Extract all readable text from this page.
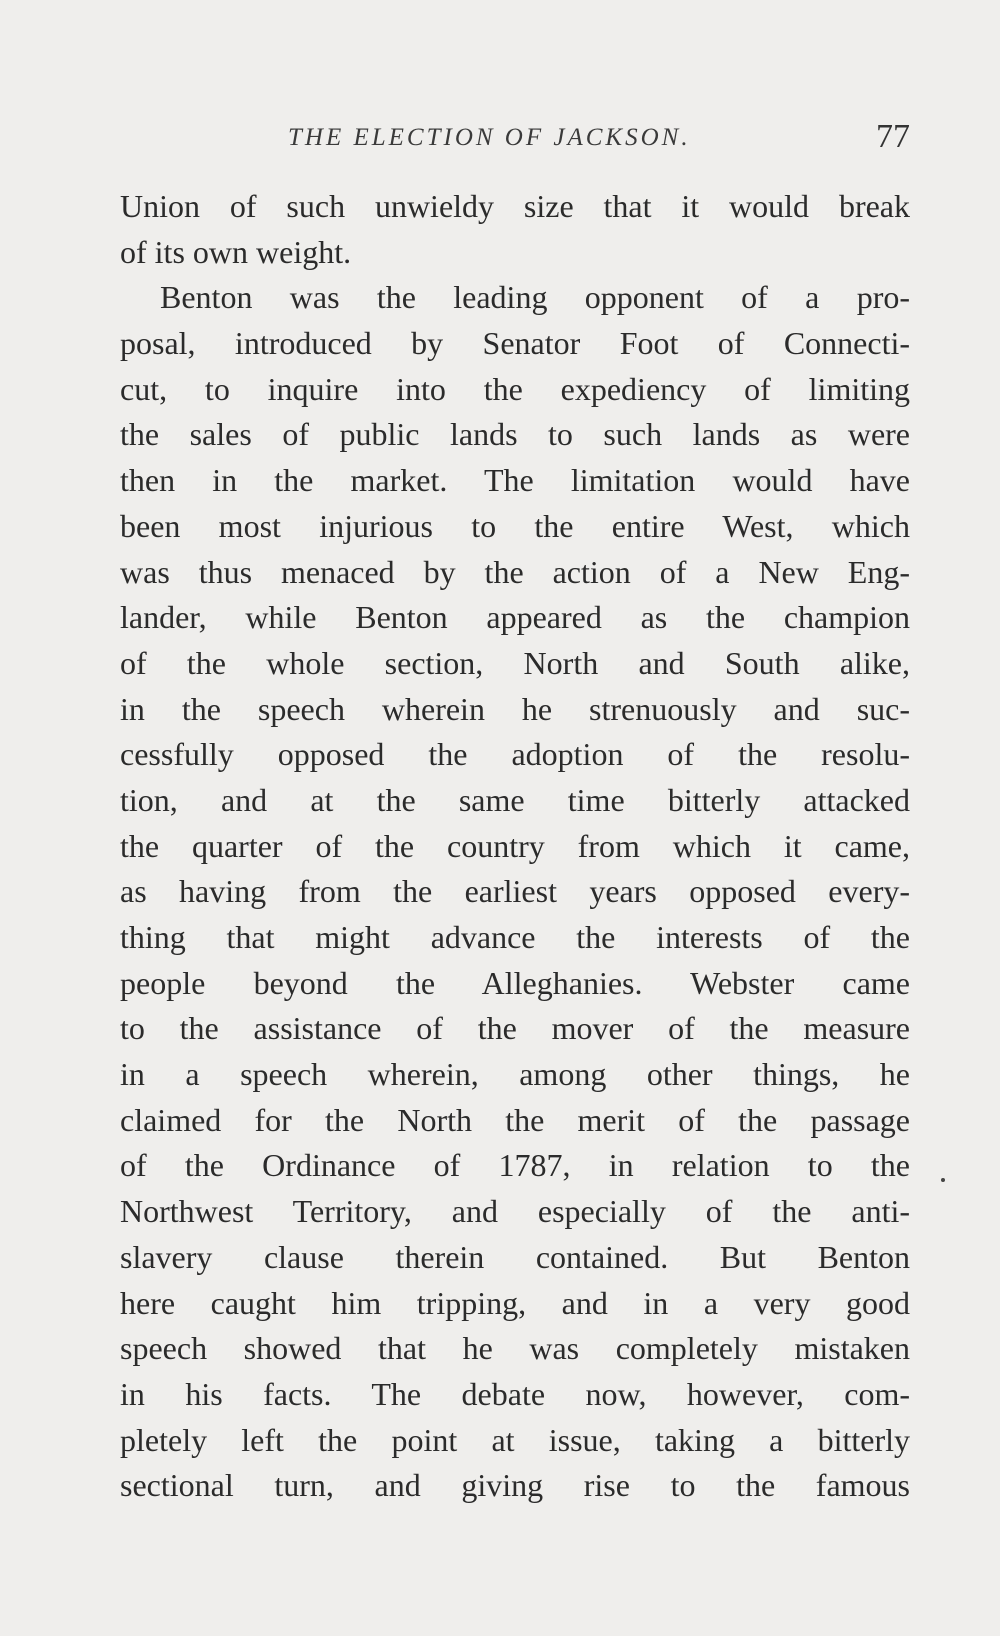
THE ELECTION OF JACKSON.	77
Union of such unwieldy size that it would break
of its own weight.
Benton was the leading opponent of a pro-
posal, introduced by Senator Foot of Connecti-
cut, to inquire into the expediency of limiting
the sales of public lands to such lands as were
then in the market. The limitation would have
been most injurious to the entire West, which
was thus menaced by the action of a New Eng-
lander, while Benton appeared as the champion
of the whole section, North and South alike,
in the speech wherein he strenuously and suc-
cessfully opposed the adoption of the resolu-
tion, and at the same time bitterly attacked
the quarter of the country from which it came,
as having from the earliest years opposed every-
thing that might advance the interests of the
people beyond the Alleghanies. Webster came
to the assistance of the mover of the measure
in a speech wherein, among other things, he
claimed for the North the merit of the passage
of the Ordinance of 1787, in relation to the
Northwest Territory, and especially of the anti-
slavery clause therein contained. But Benton
here caught him tripping, and in a very good
speech showed that he was completely mistaken
in his facts. The debate now, however, com-
pletely left the point at issue, taking a bitterly
sectional turn, and giving rise to the famous
